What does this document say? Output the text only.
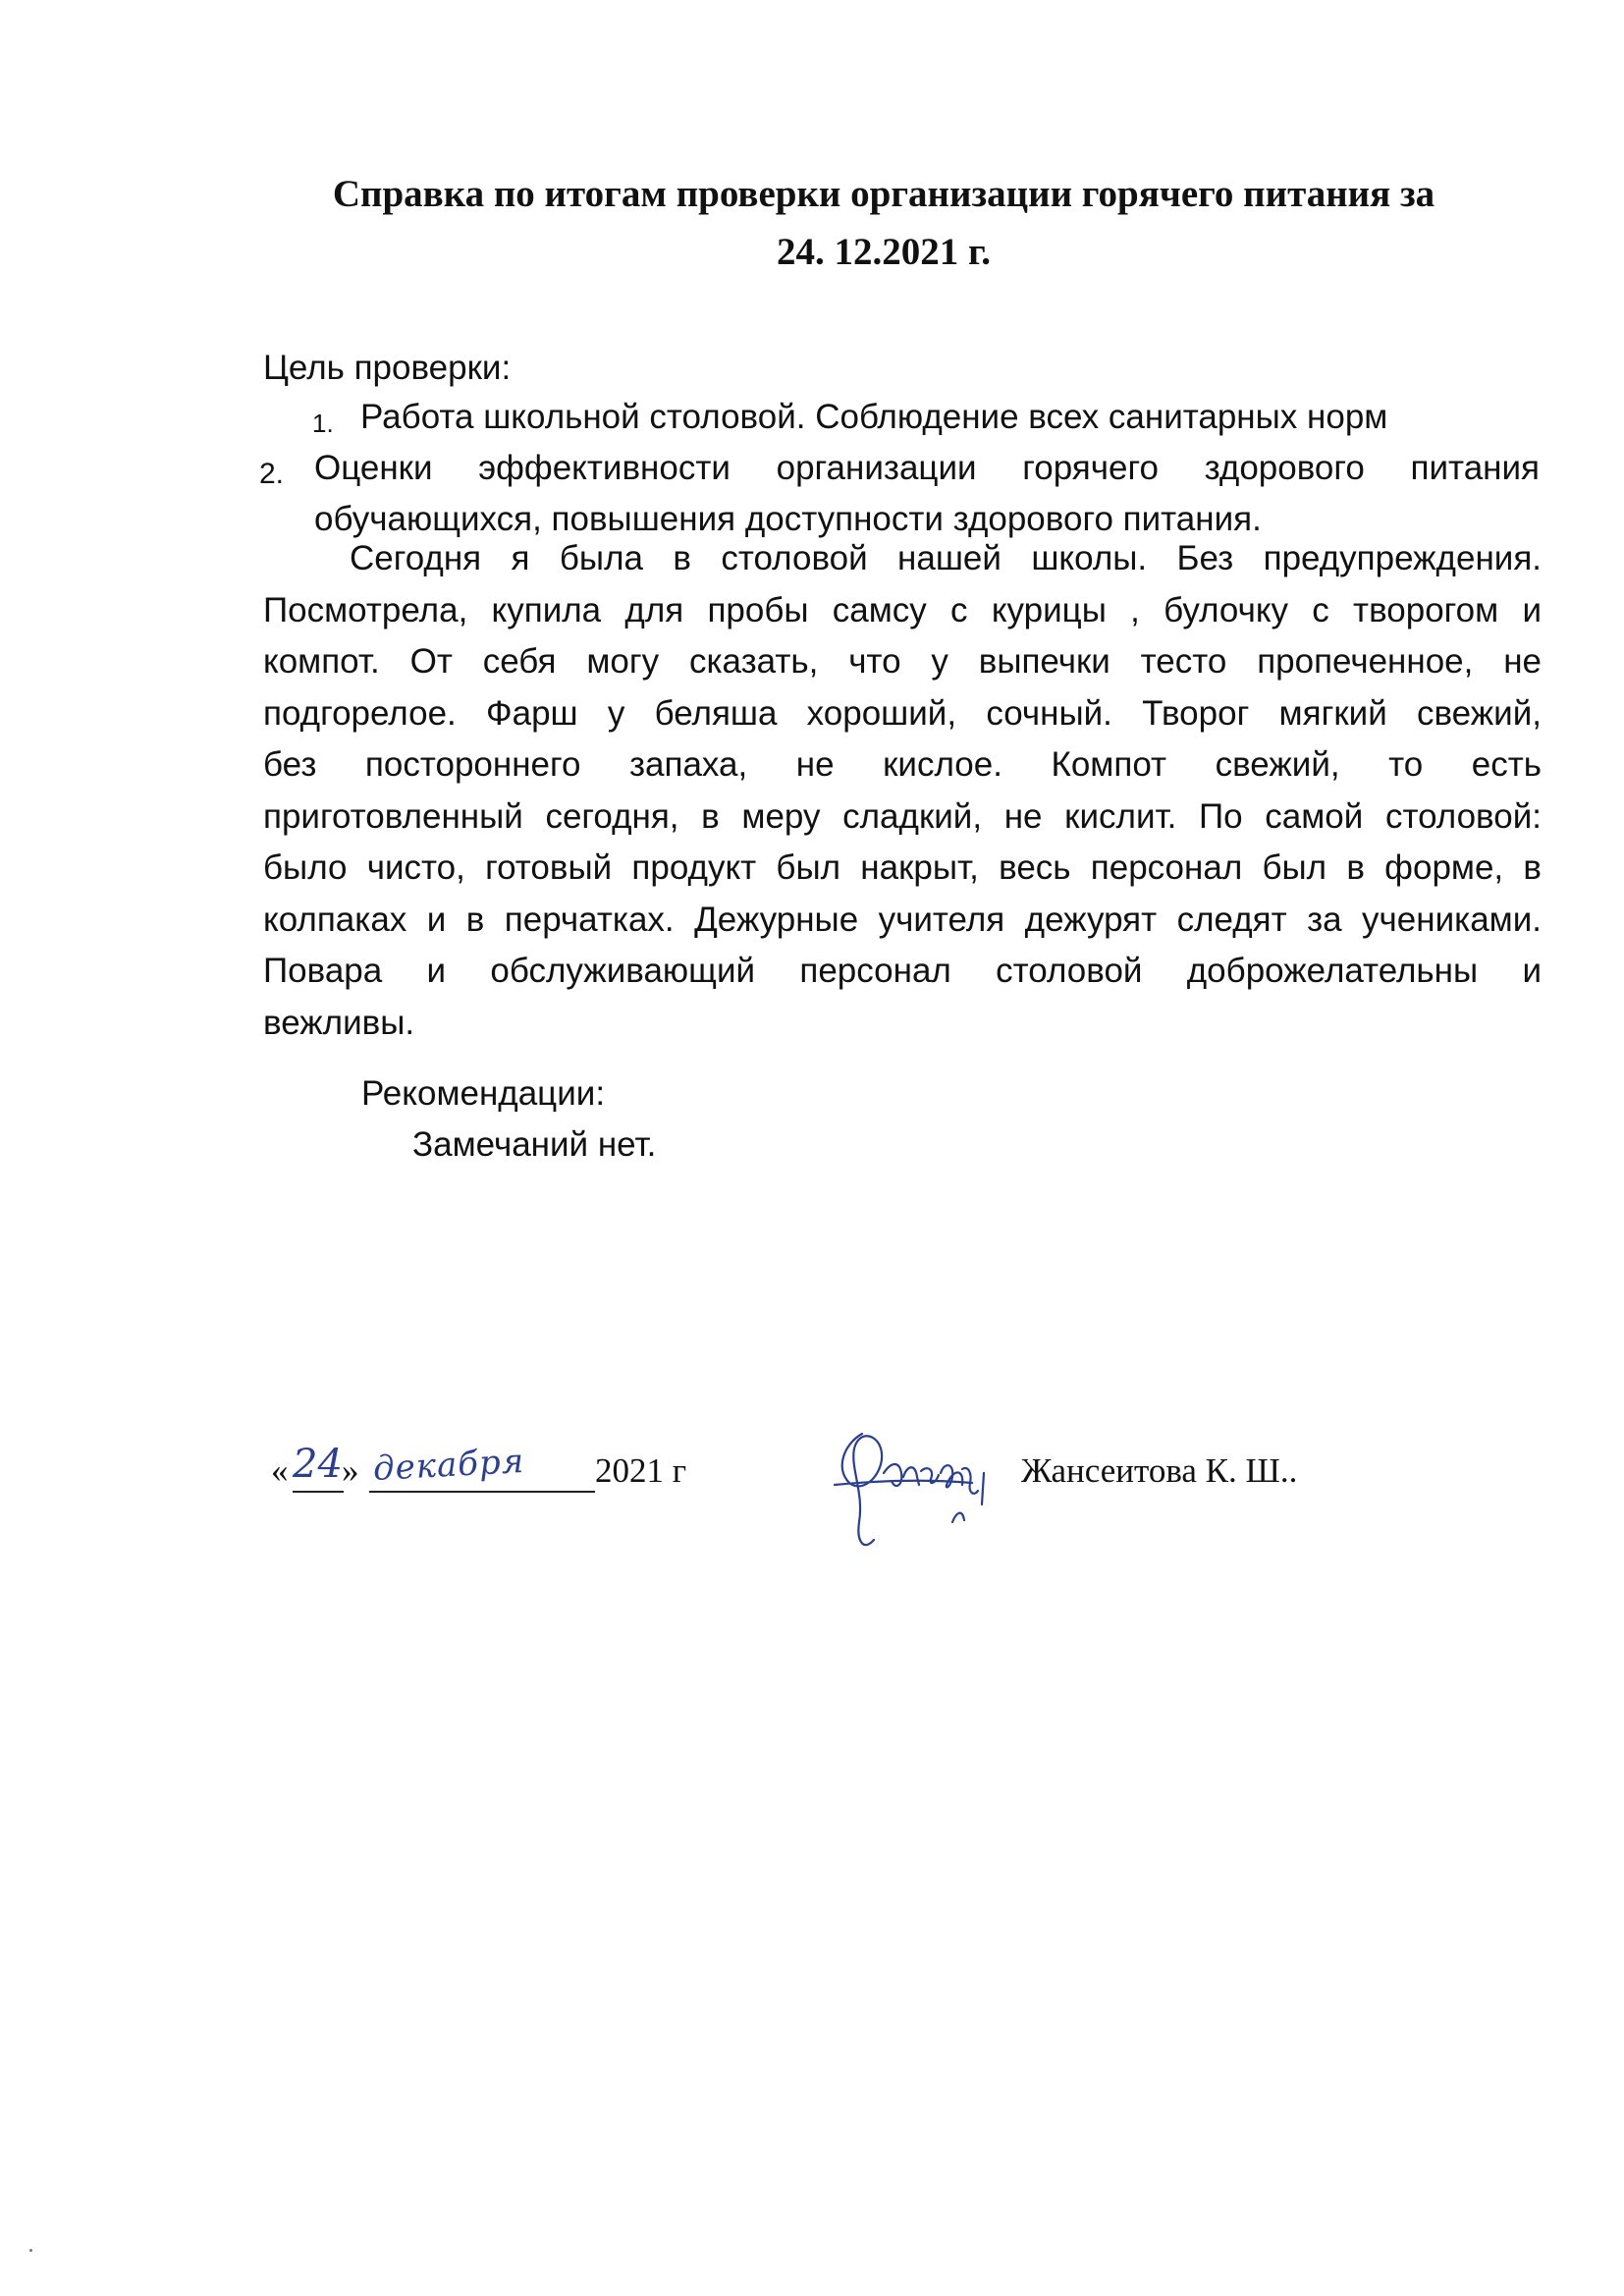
Справка по итогам проверки организации горячего питания за
24. 12.2021 г.
Цель проверки:
1. Работа школьной столовой. Соблюдение всех санитарных норм
2. Оценки эффективности организации горячего здорового питания
обучающихся, повышения доступности здорового питания.
Сегодня я была в столовой нашей школы. Без предупреждения.
Посмотрела, купила для пробы самсу с курицы , булочку с творогом и
компот. От себя могу сказать, что у выпечки тесто пропеченное, не
подгорелое. Фарш у беляша хороший, сочный. Творог мягкий свежий,
без постороннего запаха, не кислое. Компот свежий, то есть
приготовленный сегодня, в меру сладкий, не кислит. По самой столовой:
было чисто, готовый продукт был накрыт, весь персонал был в форме, в
колпаках и в перчатках. Дежурные учителя дежурят следят за учениками.
Повара и обслуживающий персонал столовой доброжелательны и
вежливы.
Рекомендации:
Замечаний нет.
« 24 » декабря 2021 г	Жансеитова К. Ш..
